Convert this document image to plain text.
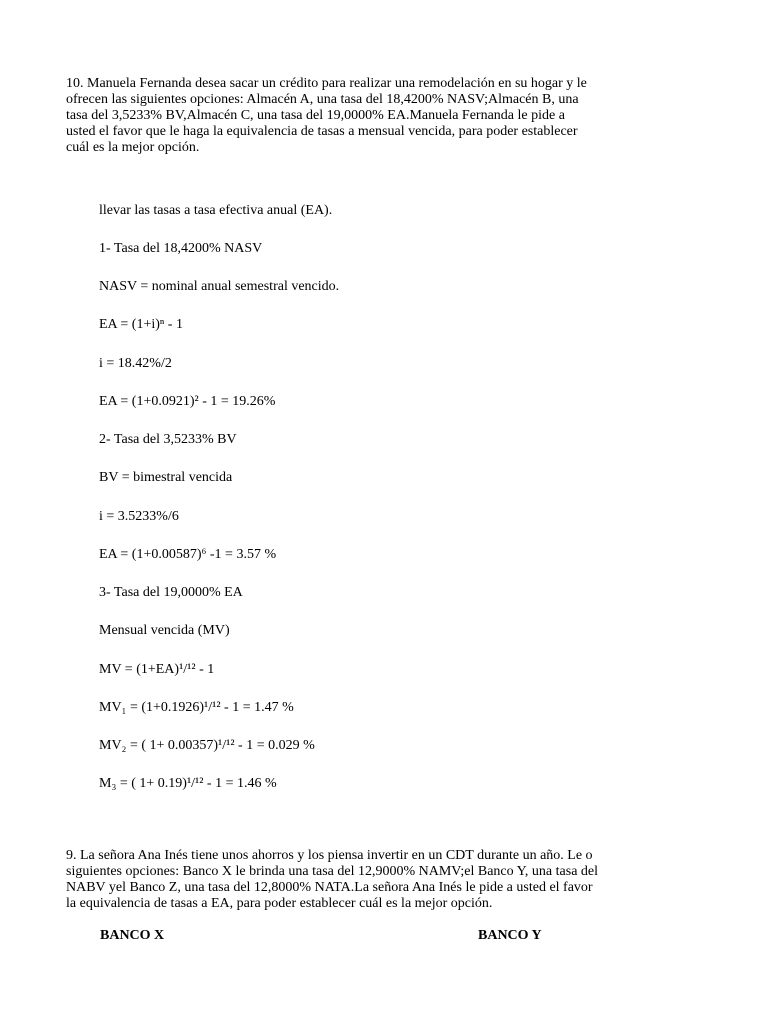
10. Manuela Fernanda desea sacar un crédito para realizar una remodelación en su hogar y le
ofrecen las siguientes opciones: Almacén A, una tasa del 18,4200% NASV;Almacén B, una
tasa del 3,5233% BV,Almacén C, una tasa del 19,0000% EA.Manuela Fernanda le pide a
usted el favor que le haga la equivalencia de tasas a mensual vencida, para poder establecer
cuál es la mejor opción.

llevar las tasas a tasa efectiva anual (EA).
1- Tasa del 18,4200% NASV
NASV = nominal anual semestral vencido.
EA = (1+i)ⁿ - 1
i = 18.42%/2
EA = (1+0.0921)² - 1 = 19.26%
2- Tasa del 3,5233% BV
BV = bimestral vencida
i = 3.5233%/6
EA = (1+0.00587)⁶ -1 = 3.57 %
3- Tasa del 19,0000% EA
Mensual vencida (MV)
MV = (1+EA)¹/¹² - 1
MV₁ = (1+0.1926)¹/¹² - 1 = 1.47 %
MV₂ = ( 1+ 0.00357)¹/¹² - 1 = 0.029 %
M₃ = ( 1+ 0.19)¹/¹² - 1 = 1.46 %

9. La señora Ana Inés tiene unos ahorros y los piensa invertir en un CDT durante un año. Le o
siguientes opciones: Banco X le brinda una tasa del 12,9000% NAMV;el Banco Y, una tasa del
NABV yel Banco Z, una tasa del 12,8000% NATA.La señora Ana Inés le pide a usted el favor
la equivalencia de tasas a EA, para poder establecer cuál es la mejor opción.

BANCO X	BANCO Y
